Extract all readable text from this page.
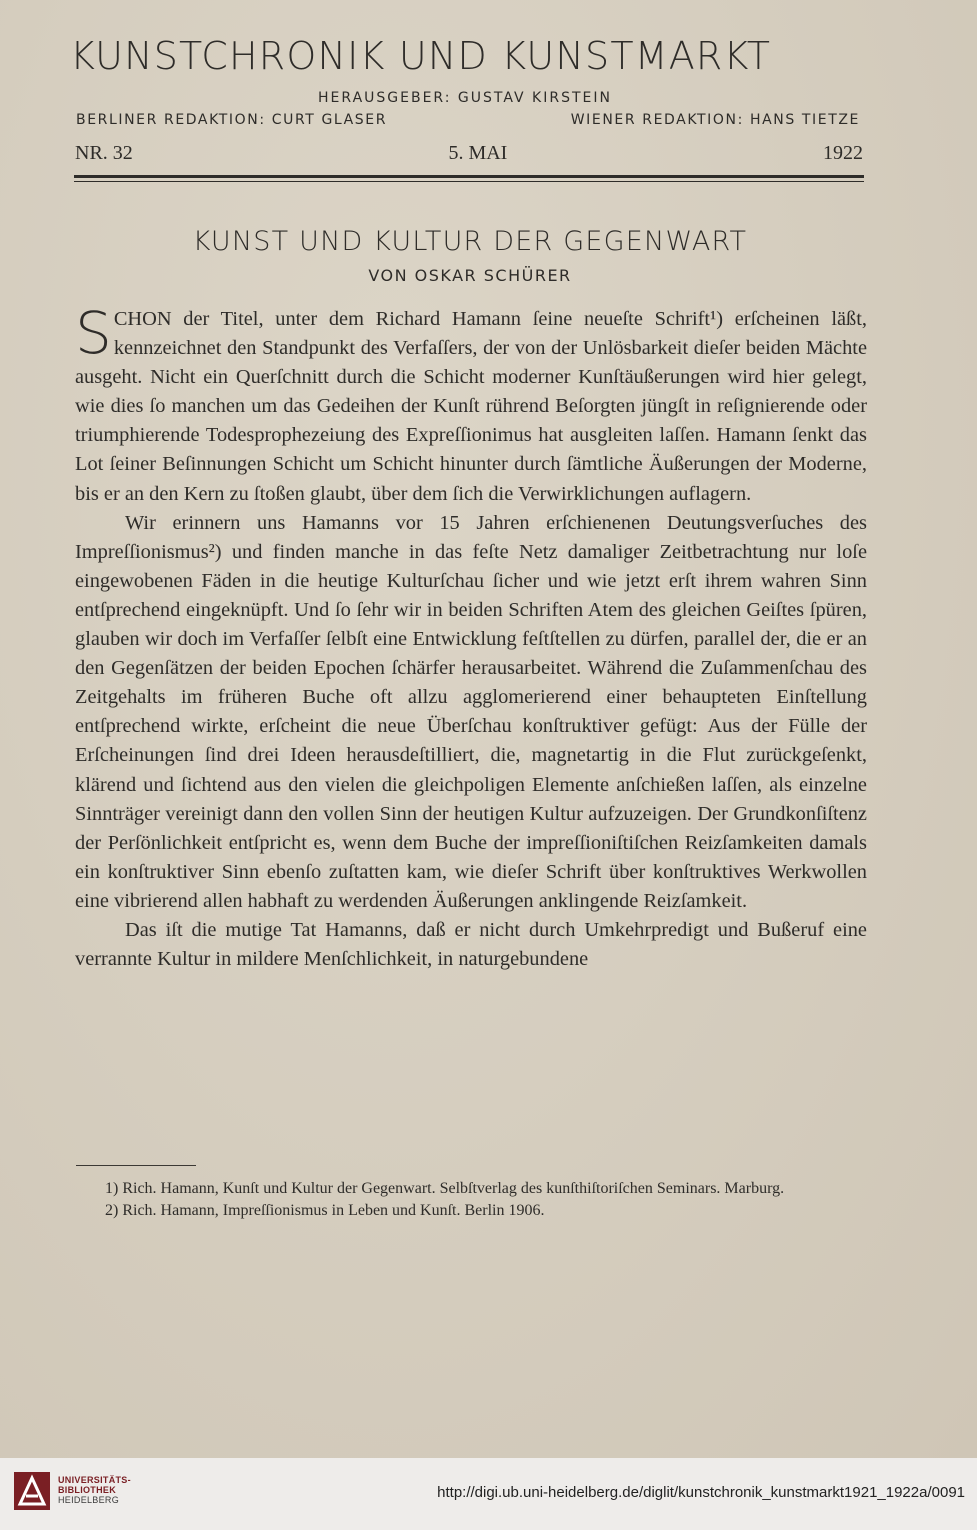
KUNSTCHRONIK UND KUNSTMARKT
HERAUSGEBER: GUSTAV KIRSTEIN
BERLINER REDAKTION: CURT GLASER	WIENER REDAKTION: HANS TIETZE
NR. 32	5. MAI	1922
KUNST UND KULTUR DER GEGENWART
VON OSKAR SCHÜRER

SCHON der Titel, unter dem Richard Hamann ſeine neueſte Schrift¹) erſcheinen läßt, kennzeichnet den Standpunkt des Verfaſſers, der von der Unlösbarkeit dieſer beiden Mächte ausgeht. Nicht ein Querſchnitt durch die Schicht moderner Kunſtäußerungen wird hier gelegt, wie dies ſo manchen um das Gedeihen der Kunſt rührend Beſorgten jüngſt in reſignierende oder triumphierende Todesprophezeiung des Expreſſionimus hat ausgleiten laſſen. Hamann ſenkt das Lot ſeiner Beſinnungen Schicht um Schicht hinunter durch ſämtliche Äußerungen der Moderne, bis er an den Kern zu ſtoßen glaubt, über dem ſich die Verwirklichungen auflagern.

Wir erinnern uns Hamanns vor 15 Jahren erſchienenen Deutungsverſuches des Impreſſionismus²) und finden manche in das feſte Netz damaliger Zeitbetrachtung nur loſe eingewobenen Fäden in die heutige Kulturſchau ſicher und wie jetzt erſt ihrem wahren Sinn entſprechend eingeknüpft. Und ſo ſehr wir in beiden Schriften Atem des gleichen Geiſtes ſpüren, glauben wir doch im Verfaſſer ſelbſt eine Entwicklung feſtſtellen zu dürfen, parallel der, die er an den Gegenſätzen der beiden Epochen ſchärfer herausarbeitet. Während die Zuſammenſchau des Zeitgehalts im früheren Buche oft allzu agglomerierend einer behaupteten Einſtellung entſprechend wirkte, erſcheint die neue Überſchau konſtruktiver gefügt: Aus der Fülle der Erſcheinungen ſind drei Ideen herausdeſtilliert, die, magnetartig in die Flut zurückgeſenkt, klärend und ſichtend aus den vielen die gleichpoligen Elemente anſchießen laſſen, als einzelne Sinnträger vereinigt dann den vollen Sinn der heutigen Kultur aufzuzeigen. Der Grundkonſiſtenz der Perſönlichkeit entſpricht es, wenn dem Buche der impreſſioniſtiſchen Reizſamkeiten damals ein konſtruktiver Sinn ebenſo zuſtatten kam, wie dieſer Schrift über konſtruktives Werkwollen eine vibrierend allen habhaft zu werdenden Äußerungen anklingende Reizſamkeit.

Das iſt die mutige Tat Hamanns, daß er nicht durch Umkehrpredigt und Bußeruf eine verrannte Kultur in mildere Menſchlichkeit, in naturgebundene

1) Rich. Hamann, Kunſt und Kultur der Gegenwart. Selbſtverlag des kunſthiſtoriſchen Seminars. Marburg.

2) Rich. Hamann, Impreſſionismus in Leben und Kunſt. Berlin 1906.

UNIVERSITÄTS-
BIBLIOTHEK
HEIDELBERG	http://digi.ub.uni-heidelberg.de/diglit/kunstchronik_kunstmarkt1921_1922a/0091
